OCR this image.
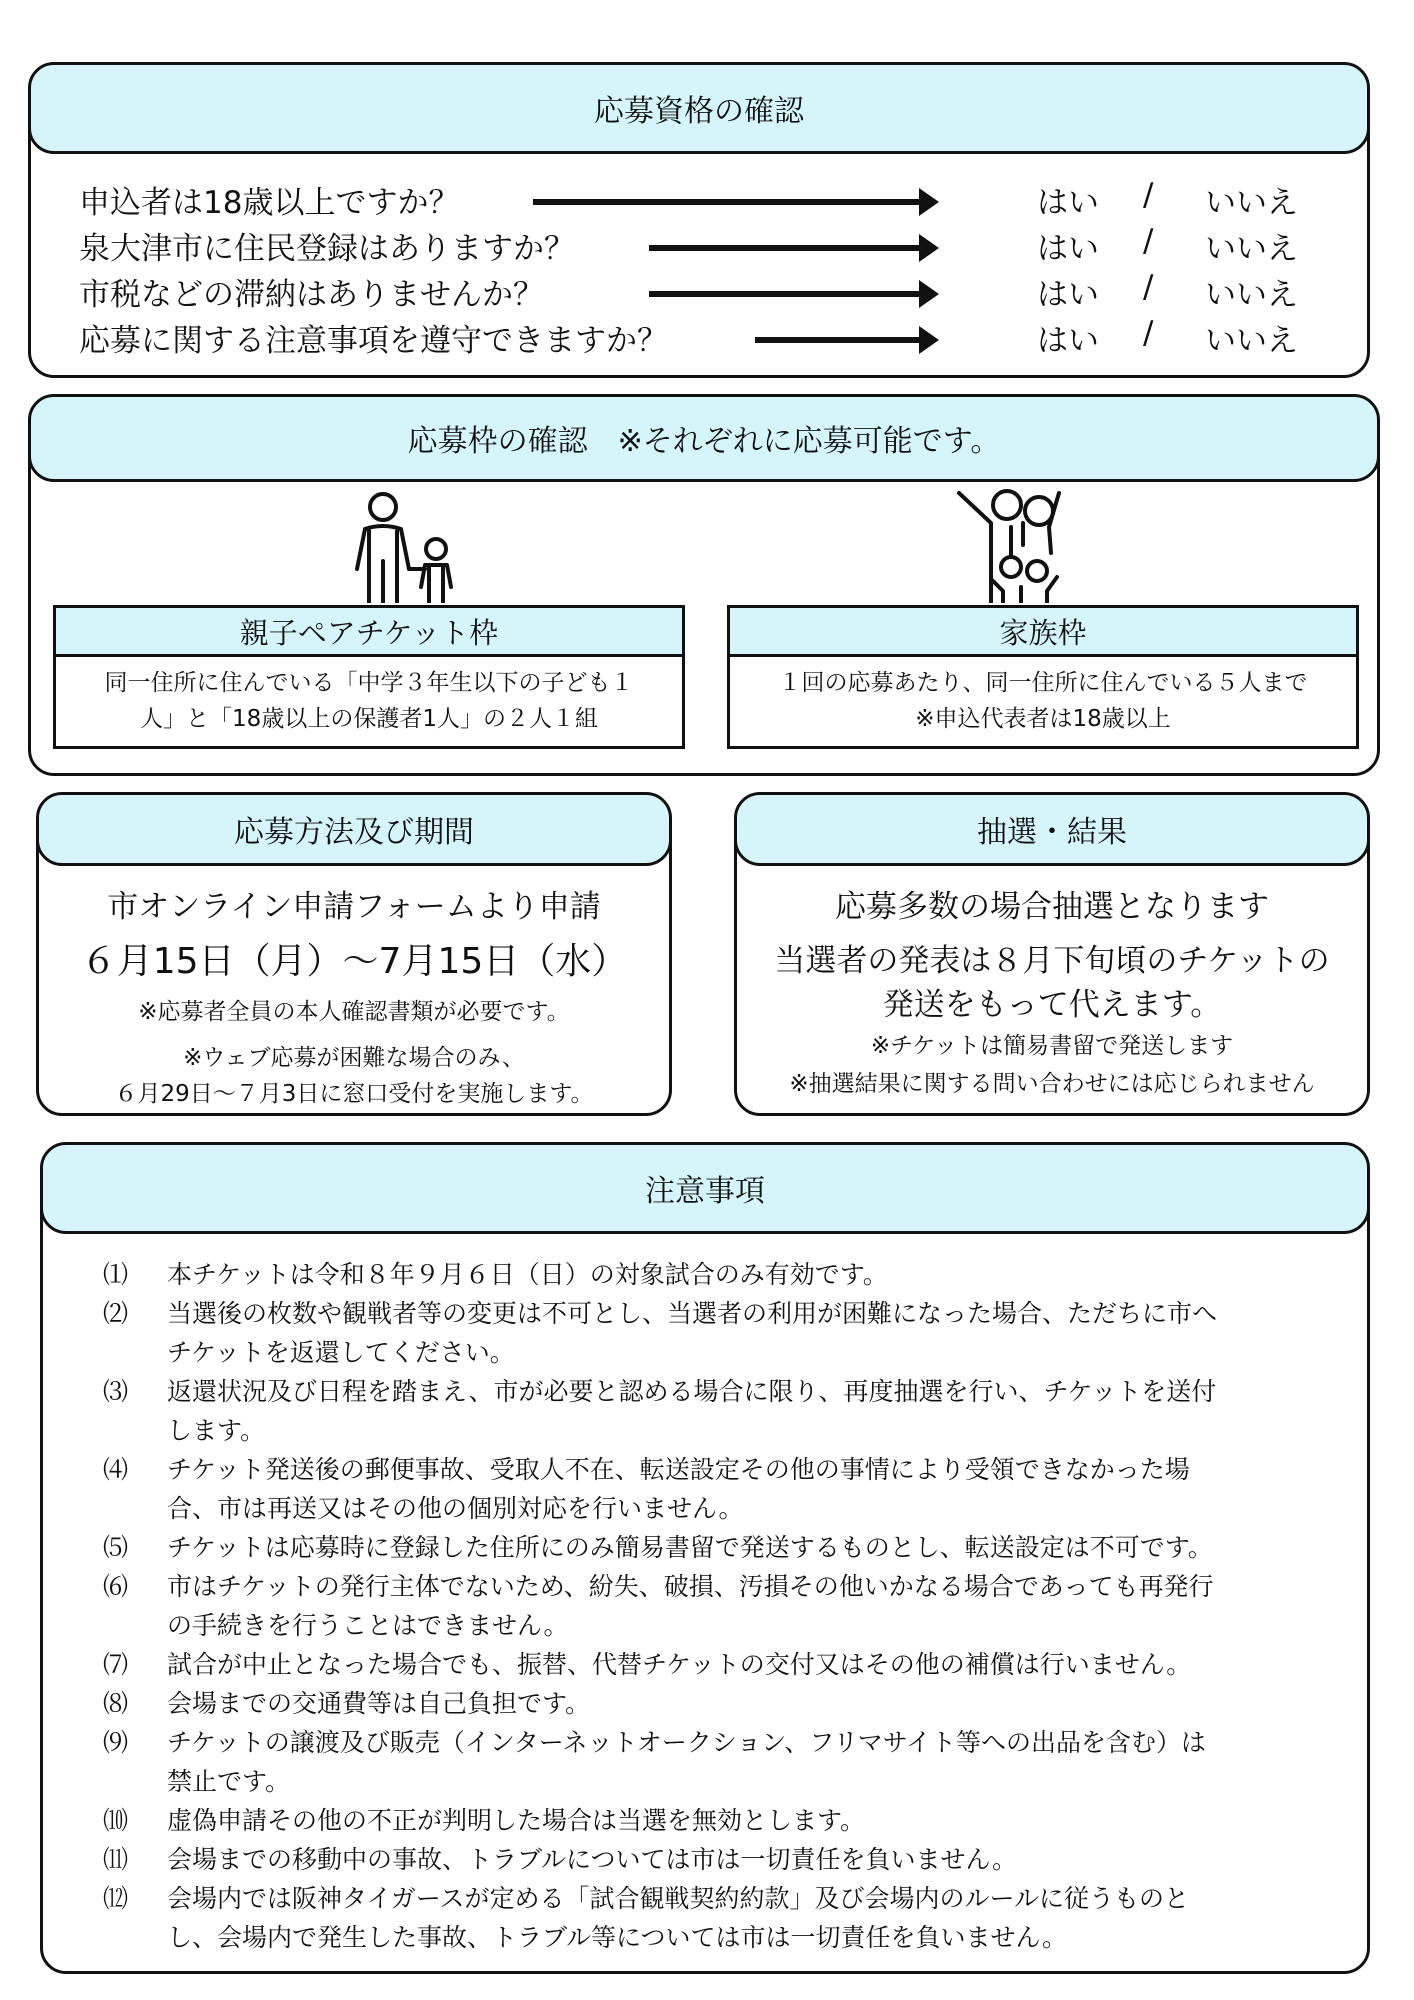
応募資格の確認
申込者は18歳以上ですか？	はい / いいえ
泉大津市に住民登録はありますか？	はい / いいえ
市税などの滞納はありませんか？	はい / いいえ
応募に関する注意事項を遵守できますか？	はい / いいえ
応募枠の確認　※それぞれに応募可能です。
親子ペアチケット枠
同一住所に住んでいる「中学３年生以下の子ども１
人」と「18歳以上の保護者1人」の２人１組
家族枠
１回の応募あたり、同一住所に住んでいる５人まで
※申込代表者は18歳以上
応募方法及び期間
市オンライン申請フォームより申請
６月15日（月）～7月15日（水）
※応募者全員の本人確認書類が必要です。
※ウェブ応募が困難な場合のみ、
６月29日～７月3日に窓口受付を実施します。
抽選・結果
応募多数の場合抽選となります
当選者の発表は８月下旬頃のチケットの
発送をもって代えます。
※チケットは簡易書留で発送します
※抽選結果に関する問い合わせには応じられません
注意事項
⑴	本チケットは令和８年９月６日（日）の対象試合のみ有効です。
⑵	当選後の枚数や観戦者等の変更は不可とし、当選者の利用が困難になった場合、ただちに市へ
チケットを返還してください。
⑶	返還状況及び日程を踏まえ、市が必要と認める場合に限り、再度抽選を行い、チケットを送付
します。
⑷	チケット発送後の郵便事故、受取人不在、転送設定その他の事情により受領できなかった場
合、市は再送又はその他の個別対応を行いません。
⑸	チケットは応募時に登録した住所にのみ簡易書留で発送するものとし、転送設定は不可です。
⑹	市はチケットの発行主体でないため、紛失、破損、汚損その他いかなる場合であっても再発行
の手続きを行うことはできません。
⑺	試合が中止となった場合でも、振替、代替チケットの交付又はその他の補償は行いません。
⑻	会場までの交通費等は自己負担です。
⑼	チケットの譲渡及び販売（インターネットオークション、フリマサイト等への出品を含む）は
禁止です。
⑽	虚偽申請その他の不正が判明した場合は当選を無効とします。
⑾	会場までの移動中の事故、トラブルについては市は一切責任を負いません。
⑿	会場内では阪神タイガースが定める「試合観戦契約約款」及び会場内のルールに従うものと
し、会場内で発生した事故、トラブル等については市は一切責任を負いません。
